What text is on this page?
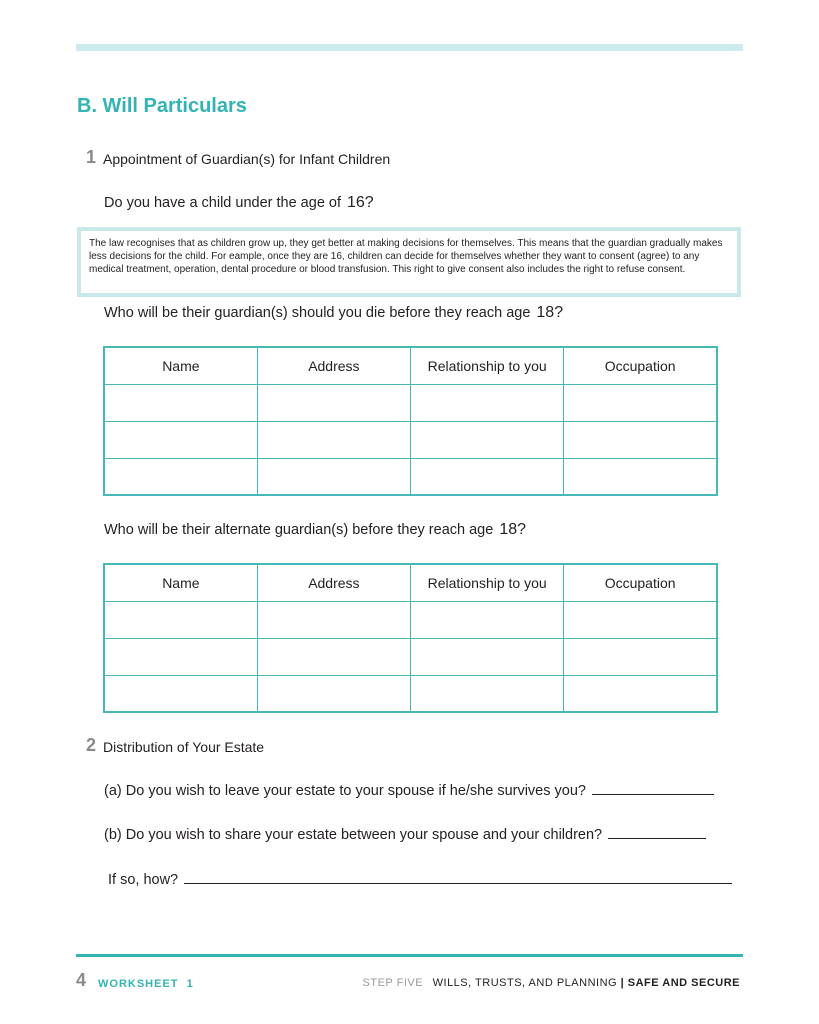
B. Will Particulars
1 Appointment of Guardian(s) for Infant Children
Do you have a child under the age of 16?
The law recognises that as children grow up, they get better at making decisions for themselves. This means that the guardian gradually makes less decisions for the child. For eample, once they are 16, children can decide for themselves whether they want to consent (agree) to any medical treatment, operation, dental procedure or blood transfusion. This right to give consent also includes the right to refuse consent.
Who will be their guardian(s) should you die before they reach age 18?
Name	Address	Relationship to you	Occupation

Who will be their alternate guardian(s) before they reach age 18?
Name	Address	Relationship to you	Occupation

2 Distribution of Your Estate
(a) Do you wish to leave your estate to your spouse if he/she survives you?
(b) Do you wish to share your estate between your spouse and your children?
If so, how?
4 WORKSHEET 1	STEP FIVE WILLS, TRUSTS, AND PLANNING | SAFE AND SECURE
